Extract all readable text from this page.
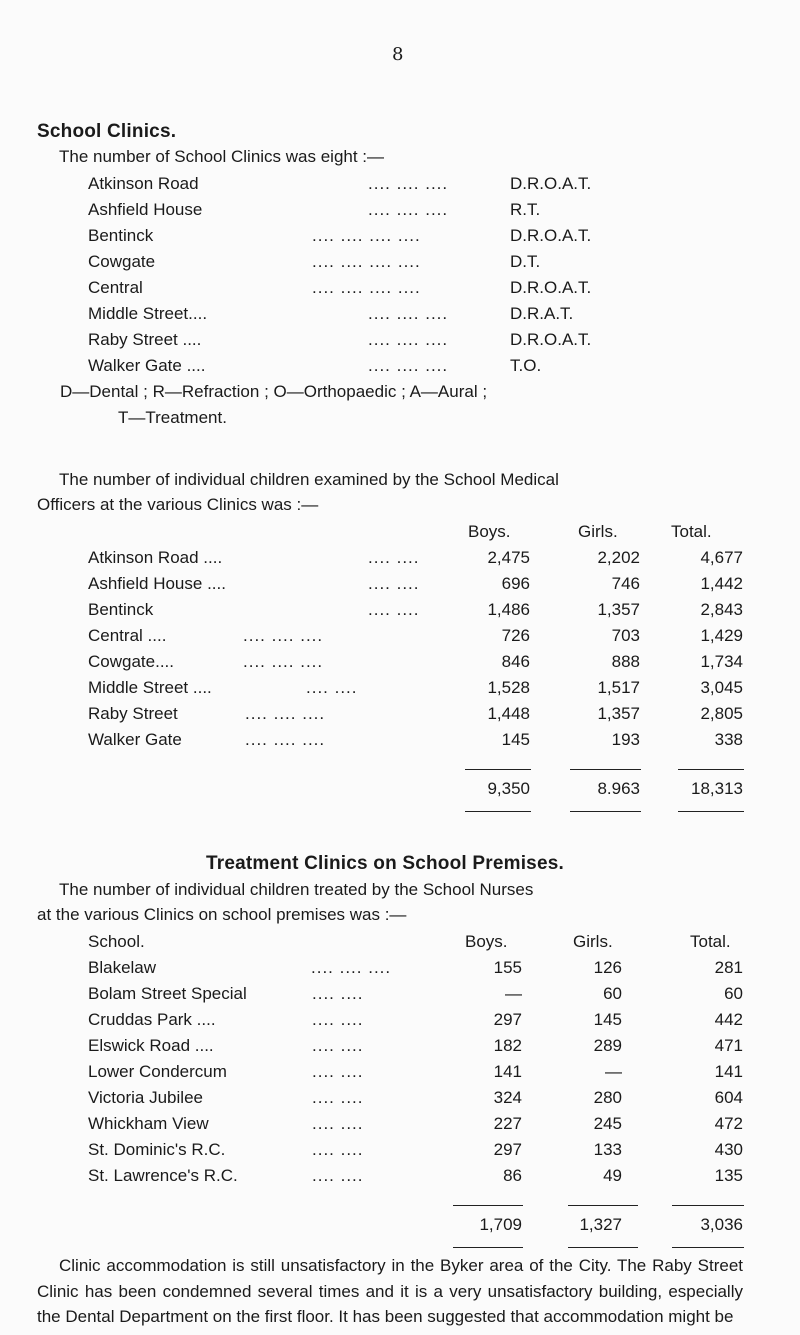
8
School Clinics.
The number of School Clinics was eight :—
Atkinson Road	.... .... ....	D.R.O.A.T.
Ashfield House	.... .... ....	R.T.
Bentinck	.... .... .... ....	D.R.O.A.T.
Cowgate	.... .... .... ....	D.T.
Central	.... .... .... ....	D.R.O.A.T.
Middle Street....	.... .... ....	D.R.A.T.
Raby Street ....	.... .... ....	D.R.O.A.T.
Walker Gate ....	.... .... ....	T.O.
D—Dental ; R—Refraction ; O—Orthopaedic ; A—Aural ;
T—Treatment.
The number of individual children examined by the School Medical
Officers at the various Clinics was :—
Boys.	Girls.	Total.
Atkinson Road ....	.... ....	2,475	2,202	4,677
Ashfield House ....	.... ....	696	746	1,442
Bentinck	.... ....	1,486	1,357	2,843
Central ....	.... .... ....	726	703	1,429
Cowgate....	.... .... ....	846	888	1,734
Middle Street ....	.... ....	1,528	1,517	3,045
Raby Street	.... .... ....	1,448	1,357	2,805
Walker Gate	.... .... ....	145	193	338
9,350	8.963	18,313
Treatment Clinics on School Premises.
The number of individual children treated by the School Nurses
at the various Clinics on school premises was :—
School.	Boys.	Girls.	Total.
Blakelaw	.... .... ....	155	126	281
Bolam Street Special	.... ....	—	60	60
Cruddas Park ....	.... ....	297	145	442
Elswick Road ....	.... ....	182	289	471
Lower Condercum	.... ....	141	—	141
Victoria Jubilee	.... ....	324	280	604
Whickham View	.... ....	227	245	472
St. Dominic's R.C.	.... ....	297	133	430
St. Lawrence's R.C.	.... ....	86	49	135
1,709	1,327	3,036

Clinic accommodation is still unsatisfactory in the Byker area of the City. The Raby Street Clinic has been condemned several times and it is a very unsatisfactory building, especially the Dental Department on the first floor. It has been suggested that accommodation might be
